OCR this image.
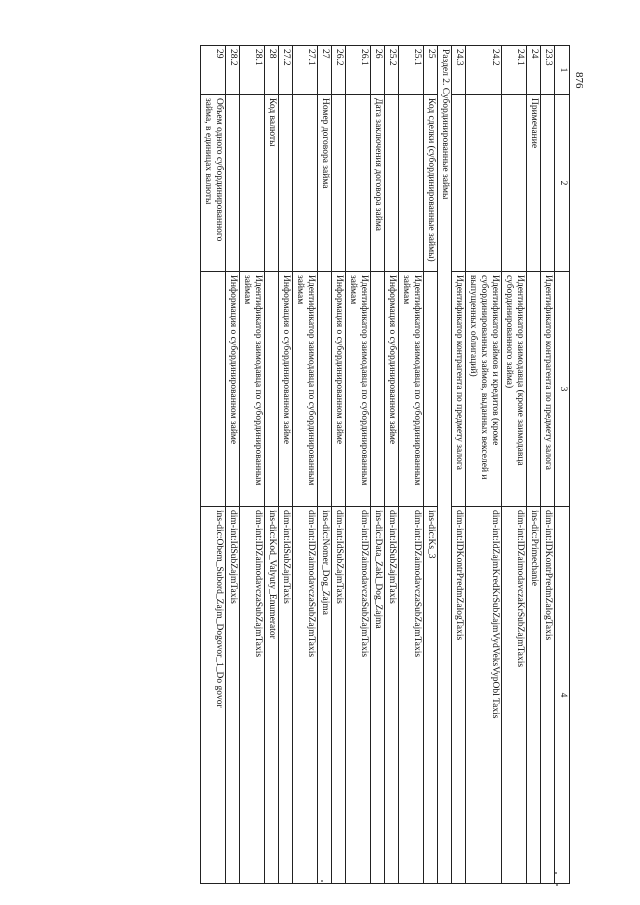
876
1	2	3	4
23.3		Идентификатор контрагента по предмету залога	dim-int:IDKontrPredmZalogTaxis
24	Примечание		ins-dic:Primechanie
24.1		Идентификатор заимодавца (кроме заимодавца субординированного займа)	dim-int:IDZaimodavczaKrSubZajmTaxis
24.2		Идентификатор займов и кредитов (кроме субординированных займов, выданных векселей и выпущенных облигаций)	dim-int:IdZajmKredKrSubZajmVydVeksVypObl Taxis
24.3		Идентификатор контрагента по предмету залога	dim-int:IDKontrPredmZalogTaxis
Раздел 2. Субординированные займы			
25	Код сделки (субординированные займы)		ins-dic:Ks_3
25.1		Идентификатор заимодавца по субординированным займам	dim-int:IDZaimodavczaSubZajmTaxis
25.2		Информация о субординированном займе	dim-int:IdSubZajmTaxis
26	Дата заключения договора займа		ins-dic:Data_Zakl_Dog_Zajma
26.1		Идентификатор заимодавца по субординированным займам	dim-int:IDZaimodavczaSubZajmTaxis
26.2		Информация о субординированном займе	dim-int:IdSubZajmTaxis
27	Номер договора займа		ins-dic:Nomer_Dog_Zajma
27.1		Идентификатор заимодавца по субординированным займам	dim-int:IDZaimodavczaSubZajmTaxis
27.2		Информация о субординированном займе	dim-int:IdSubZajmTaxis
28	Код валюты		ins-dic:Kod_Valyuty_Enumerator
28.1		Идентификатор заимодавца по субординированным займам	dim-int:IDZaimodavczaSubZajmTaxis
28.2		Информация о субординированном займе	dim-int:IdSubZajmTaxis
29	Объем одного субординированного займа, в единицах валюты		ins-dic:Obem_Subord_Zajm_Dogovor_1_Do govor
